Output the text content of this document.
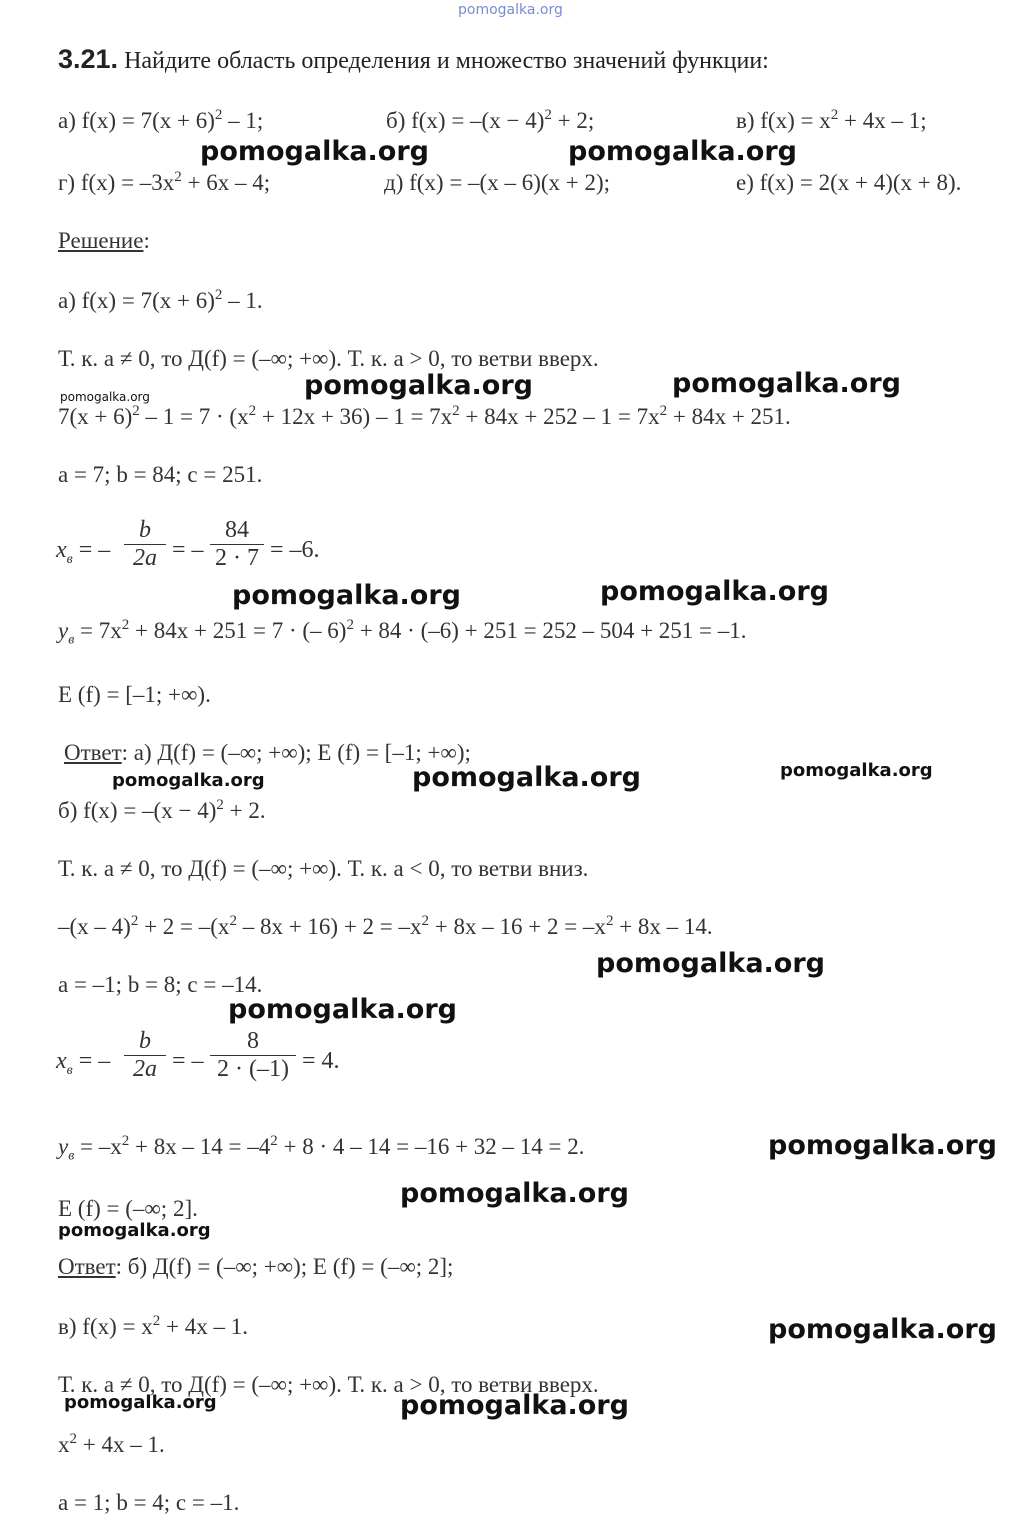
pomogalka.org
3.21. Найдите область определения и множество значений функции:
а) $f(x) = 7(x + 6)^2 - 1$;	б) $f(x) = -(x - 4)^2 + 2$;	в) $f(x) = x^2 + 4x - 1$;
г) $f(x) = -3x^2 + 6x - 4$;	д) f(x) = –(x – 6)(x + 2);	е) f(x) = 2(x + 4)(x + 8).
Решение:
а) $f(x) = 7(x + 6)^2 - 1$.
Т. к. a ≠ 0, то Д(f) = (–∞; +∞). Т. к. a > 0, то ветви вверх.
$7(x + 6)^2 - 1 = 7 \cdot (x^2 + 12x + 36) - 1 = 7x^2 + 84x + 252 - 1 = 7x^2 + 84x + 251$.
a = 7; b = 84; c = 251.
$x_в$ = –
b
2a = –
84
2 · 7 = –6.
$y_в = 7x^2 + 84x + 251 = 7$ · (– 6)$^2$ + 84 · (–6) + 251 = 252 – 504 + 251 = –1.
E (f) = [–1; +∞).
Ответ: а) Д(f) = (–∞; +∞); E (f) = [–1; +∞);
б) $f(x) = -(x - 4)^2 + 2$.
Т. к. a ≠ 0, то Д(f) = (–∞; +∞). Т. к. a < 0, то ветви вниз.
$-(x - 4)^2 + 2 = -(x^2 - 8x + 16) + 2 = -x^2 + 8x - 16 + 2 = -x^2 + 8x - 14$.
a = –1; b = 8; c = –14.
$x_в$ = –
b
2a = –
8
2 · (–1) = 4.
$y_в = -x^2 + 8x - 14 = -4^2 + 8 \cdot 4 - 14 = -16 + 32 - 14 = 2$.
E (f) = (–∞; 2].
Ответ: б) Д(f) = (–∞; +∞); E (f) = (–∞; 2];
в) $f(x) = x^2 + 4x - 1$.
Т. к. a ≠ 0, то Д(f) = (–∞; +∞). Т. к. a > 0, то ветви вверх.
$x^2 + 4x - 1$.
a = 1; b = 4; c = –1.
pomogalka.org	pomogalka.org
pomogalka.org	pomogalka.org	pomogalka.org
pomogalka.org	pomogalka.org
pomogalka.org	pomogalka.org	pomogalka.org
pomogalka.org
pomogalka.org
pomogalka.org
pomogalka.org
pomogalka.org
pomogalka.org
pomogalka.org	pomogalka.org
